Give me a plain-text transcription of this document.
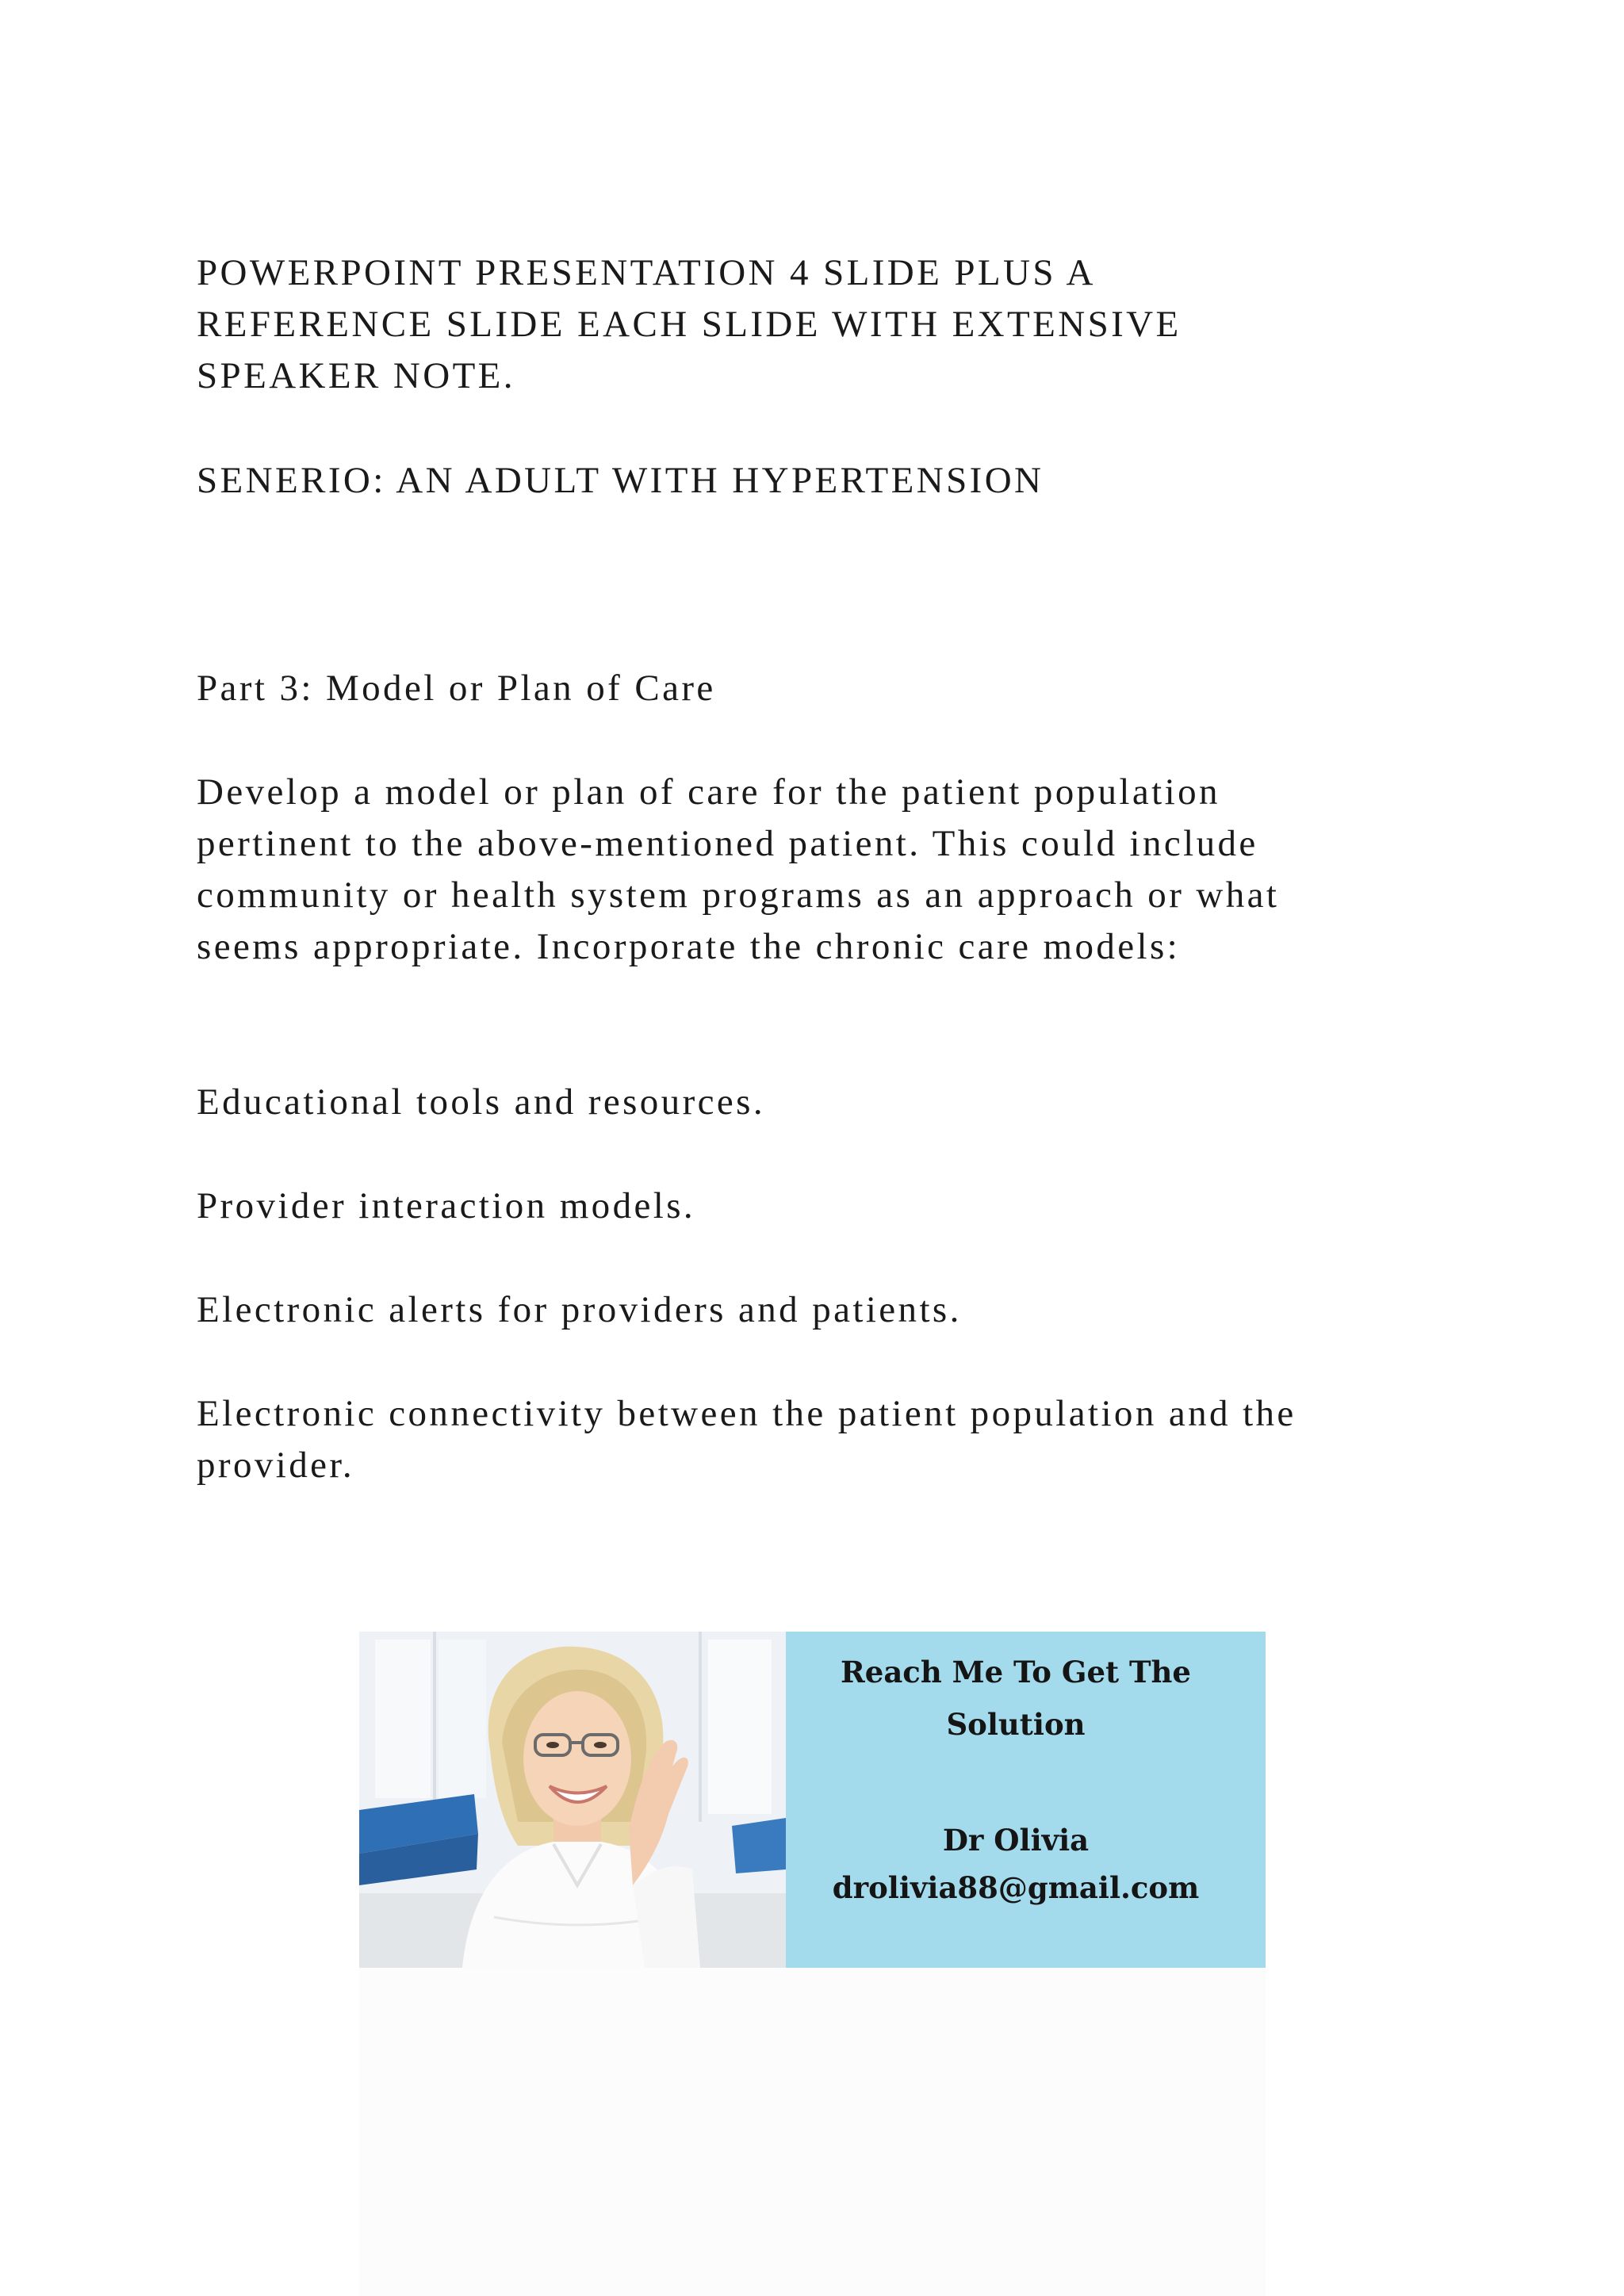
POWERPOINT PRESENTATION 4 SLIDE PLUS A
REFERENCE SLIDE EACH SLIDE WITH EXTENSIVE
SPEAKER NOTE.

SENERIO: AN ADULT WITH HYPERTENSION

Part 3: Model or Plan of Care

Develop a model or plan of care for the patient population
pertinent to the above-mentioned patient. This could include
community or health system programs as an approach or what
seems appropriate. Incorporate the chronic care models:

Educational tools and resources.

Provider interaction models.

Electronic alerts for providers and patients.

Electronic connectivity between the patient population and the
provider.

Reach Me To Get The
Solution
Dr Olivia
drolivia88@gmail.com
